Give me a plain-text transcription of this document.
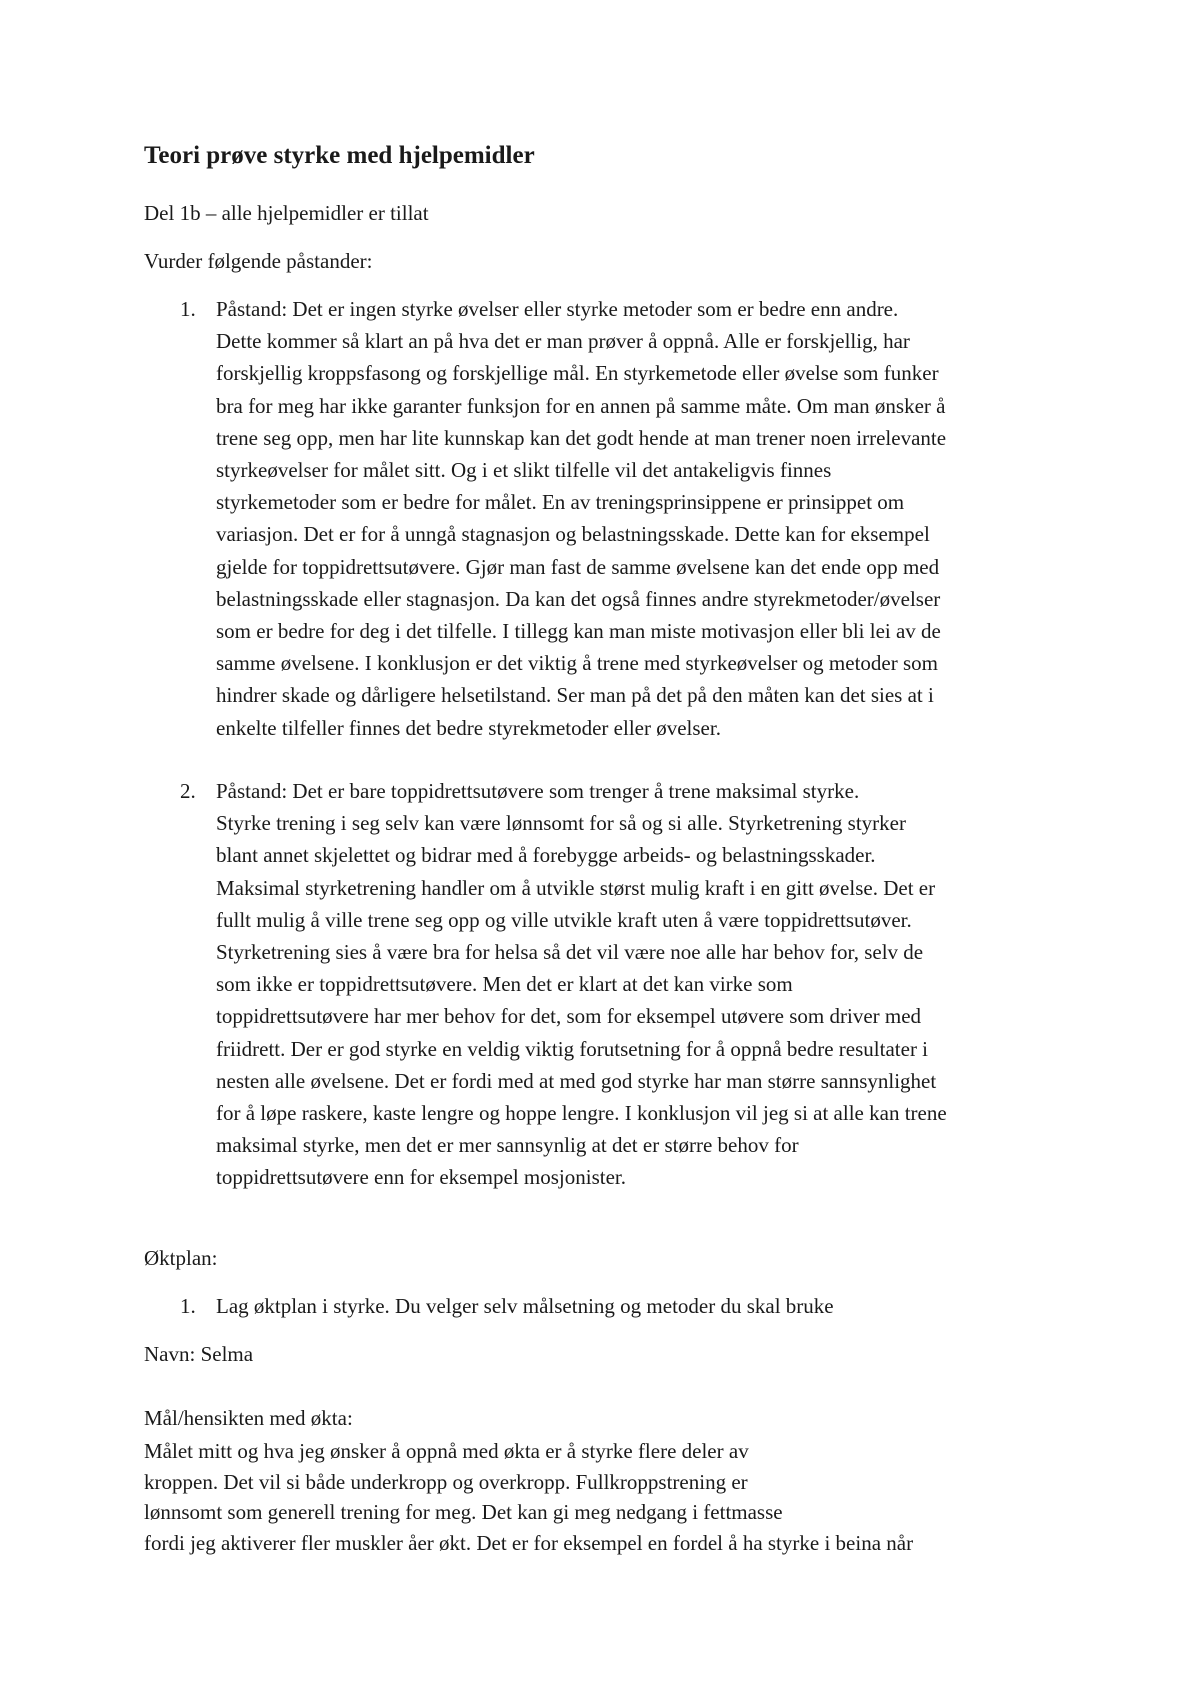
Teori prøve styrke med hjelpemidler

Del 1b – alle hjelpemidler er tillat

Vurder følgende påstander:

1. Påstand: Det er ingen styrke øvelser eller styrke metoder som er bedre enn andre.
Dette kommer så klart an på hva det er man prøver å oppnå. Alle er forskjellig, har
forskjellig kroppsfasong og forskjellige mål. En styrkemetode eller øvelse som funker
bra for meg har ikke garanter funksjon for en annen på samme måte. Om man ønsker å
trene seg opp, men har lite kunnskap kan det godt hende at man trener noen irrelevante
styrkeøvelser for målet sitt. Og i et slikt tilfelle vil det antakeligvis finnes
styrkemetoder som er bedre for målet. En av treningsprinsippene er prinsippet om
variasjon. Det er for å unngå stagnasjon og belastningsskade. Dette kan for eksempel
gjelde for toppidrettsutøvere. Gjør man fast de samme øvelsene kan det ende opp med
belastningsskade eller stagnasjon. Da kan det også finnes andre styrekmetoder/øvelser
som er bedre for deg i det tilfelle. I tillegg kan man miste motivasjon eller bli lei av de
samme øvelsene. I konklusjon er det viktig å trene med styrkeøvelser og metoder som
hindrer skade og dårligere helsetilstand. Ser man på det på den måten kan det sies at i
enkelte tilfeller finnes det bedre styrekmetoder eller øvelser.
2. Påstand: Det er bare toppidrettsutøvere som trenger å trene maksimal styrke.
Styrke trening i seg selv kan være lønnsomt for så og si alle. Styrketrening styrker
blant annet skjelettet og bidrar med å forebygge arbeids- og belastningsskader.
Maksimal styrketrening handler om å utvikle størst mulig kraft i en gitt øvelse. Det er
fullt mulig å ville trene seg opp og ville utvikle kraft uten å være toppidrettsutøver.
Styrketrening sies å være bra for helsa så det vil være noe alle har behov for, selv de
som ikke er toppidrettsutøvere. Men det er klart at det kan virke som
toppidrettsutøvere har mer behov for det, som for eksempel utøvere som driver med
friidrett. Der er god styrke en veldig viktig forutsetning for å oppnå bedre resultater i
nesten alle øvelsene. Det er fordi med at med god styrke har man større sannsynlighet
for å løpe raskere, kaste lengre og hoppe lengre. I konklusjon vil jeg si at alle kan trene
maksimal styrke, men det er mer sannsynlig at det er større behov for
toppidrettsutøvere enn for eksempel mosjonister.

Øktplan:

1. Lag øktplan i styrke. Du velger selv målsetning og metoder du skal bruke

Navn: Selma

Mål/hensikten med økta:

Målet mitt og hva jeg ønsker å oppnå med økta er å styrke flere deler av
kroppen. Det vil si både underkropp og overkropp. Fullkroppstrening er
lønnsomt som generell trening for meg. Det kan gi meg nedgang i fettmasse
fordi jeg aktiverer fler muskler åer økt. Det er for eksempel en fordel å ha styrke i beina når
